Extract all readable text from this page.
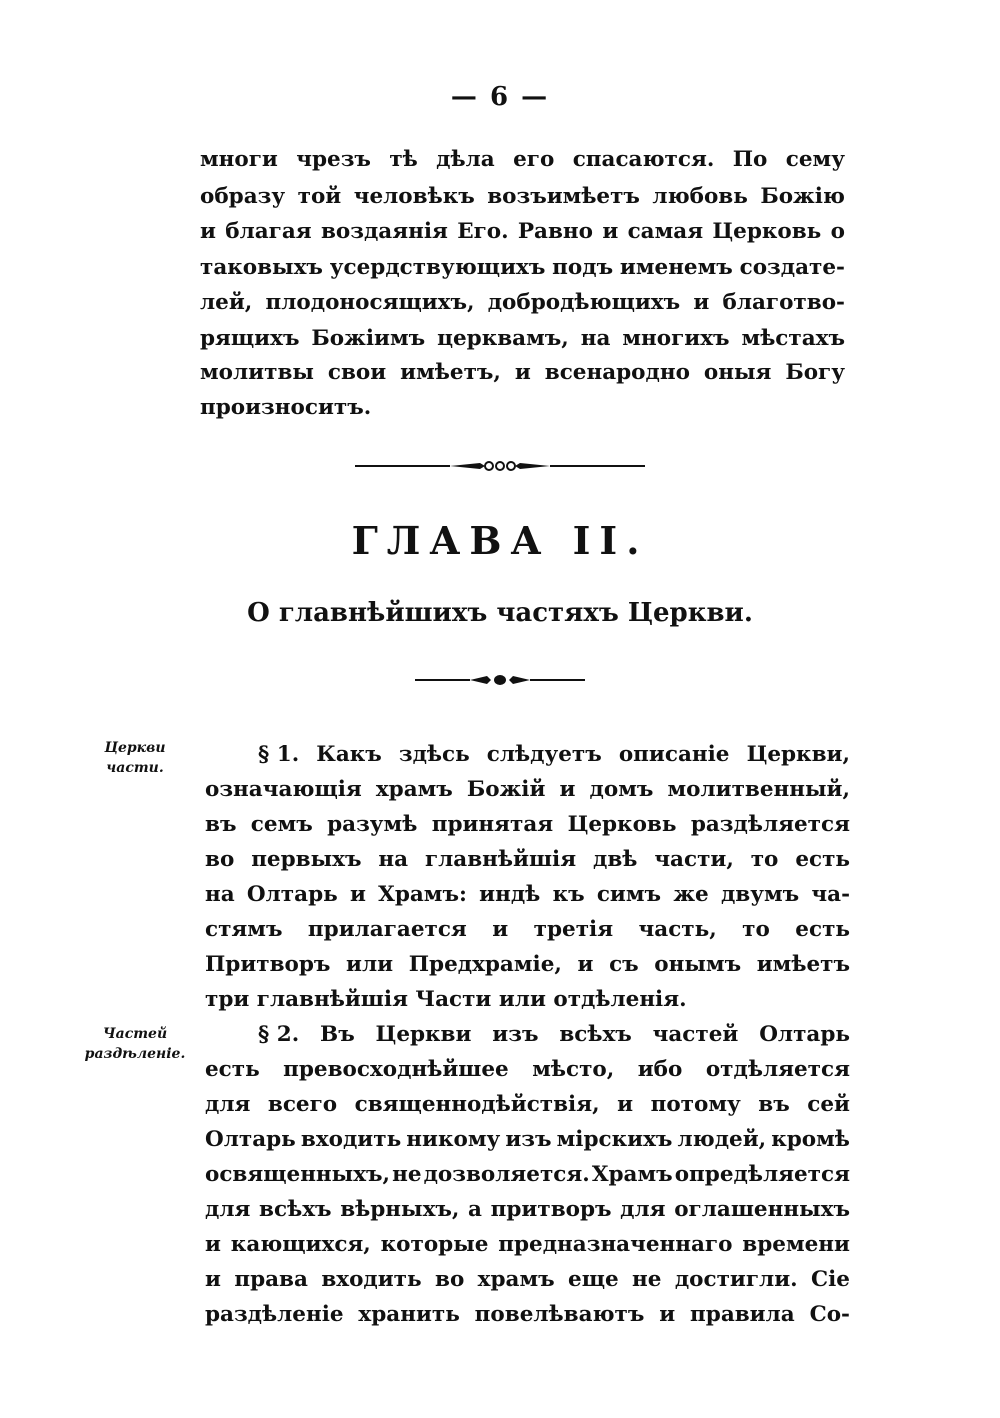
— 6 —
многи чрезъ тѣ дѣла его спасаются. По сему
образу той человѣкъ возъимѣетъ любовь Божію
и благая воздаянія Его. Равно и самая Церковь о
таковыхъ усердствующихъ подъ именемъ создате-
лей, плодоносящихъ, добродѣющихъ и благотво-
рящихъ Божіимъ церквамъ, на многихъ мѣстахъ
молитвы свои имѣетъ, и всенародно оныя Богу
произноситъ.
ГЛАВА II.
О главнѣйшихъ частяхъ Церкви.
Церкви
части.
Частей
раздѣленіе.
§ 1. Какъ здѣсь слѣдуетъ описаніе Церкви,
означающія храмъ Божій и домъ молитвенный,
въ семъ разумѣ принятая Церковь раздѣляется
во первыхъ на главнѣйшія двѣ части, то есть
на Олтарь и Храмъ: индѣ къ симъ же двумъ ча-
стямъ прилагается и третія часть, то есть
Притворъ или Предхраміе, и съ онымъ имѣетъ
три главнѣйшія Части или отдѣленія.
§ 2. Въ Церкви изъ всѣхъ частей Олтарь
есть превосходнѣйшее мѣсто, ибо отдѣляется
для всего священнодѣйствія, и потому въ сей
Олтарь входить никому изъ мірскихъ людей, кромѣ
освященныхъ, не дозволяется. Храмъ опредѣляется
для всѣхъ вѣрныхъ, а притворъ для оглашенныхъ
и кающихся, которые предназначеннаго времени
и права входить во храмъ еще не достигли. Сіе
раздѣленіе хранить повелѣваютъ и правила Со-
